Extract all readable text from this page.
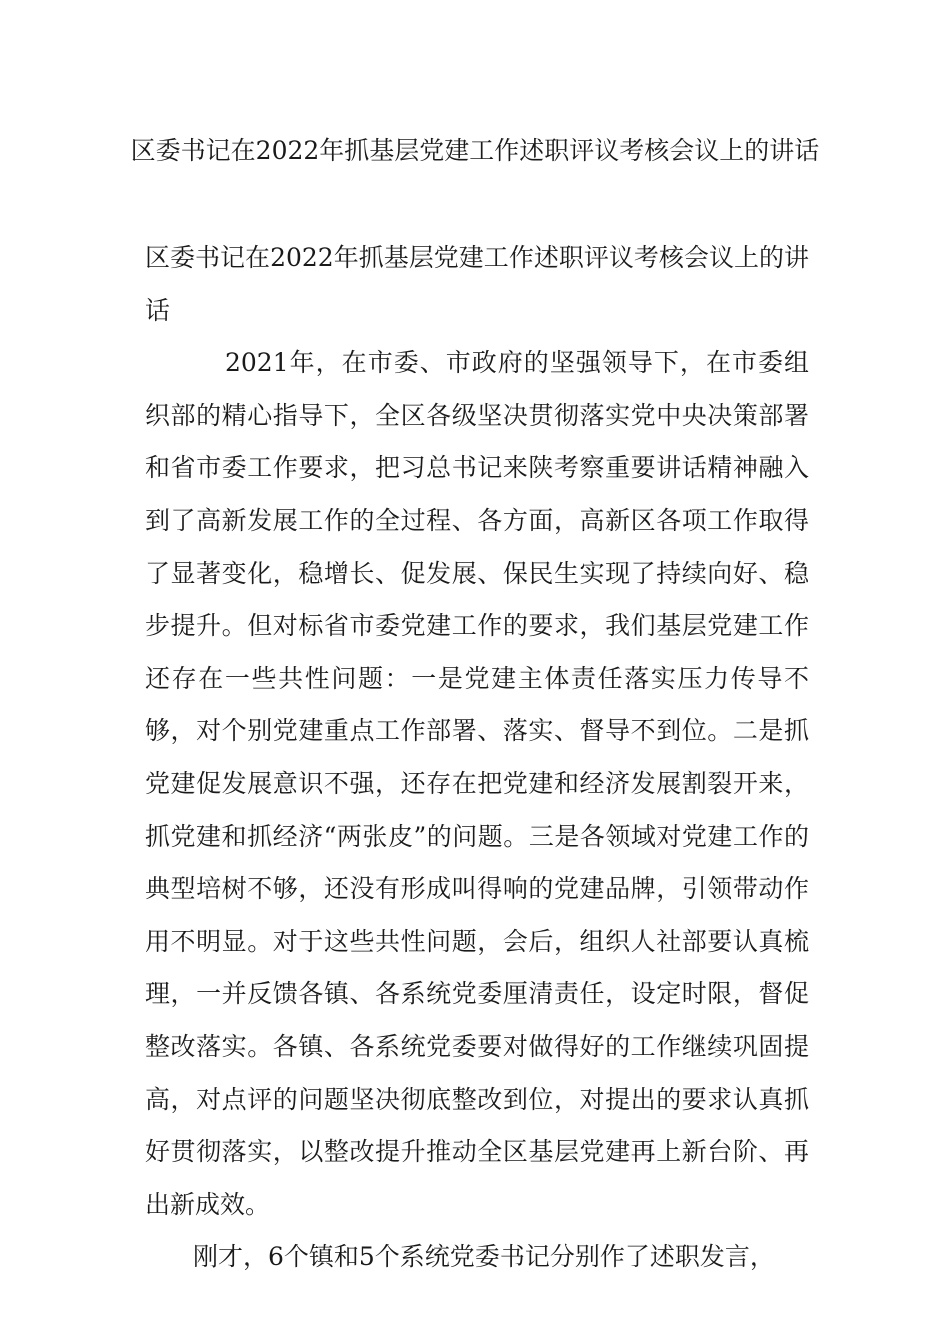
区委书记在2022年抓基层党建工作述职评议考核会议上的讲话

区委书记在2022年抓基层党建工作述职评议考核会议上的讲话

2021年，在市委、市政府的坚强领导下，在市委组织部的精心指导下，全区各级坚决贯彻落实党中央决策部署和省市委工作要求，把习总书记来陕考察重要讲话精神融入到了高新发展工作的全过程、各方面，高新区各项工作取得了显著变化，稳增长、促发展、保民生实现了持续向好、稳步提升。但对标省市委党建工作的要求，我们基层党建工作还存在一些共性问题：一是党建主体责任落实压力传导不够，对个别党建重点工作部署、落实、督导不到位。二是抓党建促发展意识不强，还存在把党建和经济发展割裂开来，抓党建和抓经济“两张皮”的问题。三是各领域对党建工作的典型培树不够，还没有形成叫得响的党建品牌，引领带动作用不明显。对于这些共性问题，会后，组织人社部要认真梳理，一并反馈各镇、各系统党委厘清责任，设定时限，督促整改落实。各镇、各系统党委要对做得好的工作继续巩固提高，对点评的问题坚决彻底整改到位，对提出的要求认真抓好贯彻落实，以整改提升推动全区基层党建再上新台阶、再出新成效。

刚才，6个镇和5个系统党委书记分别作了述职发言，
